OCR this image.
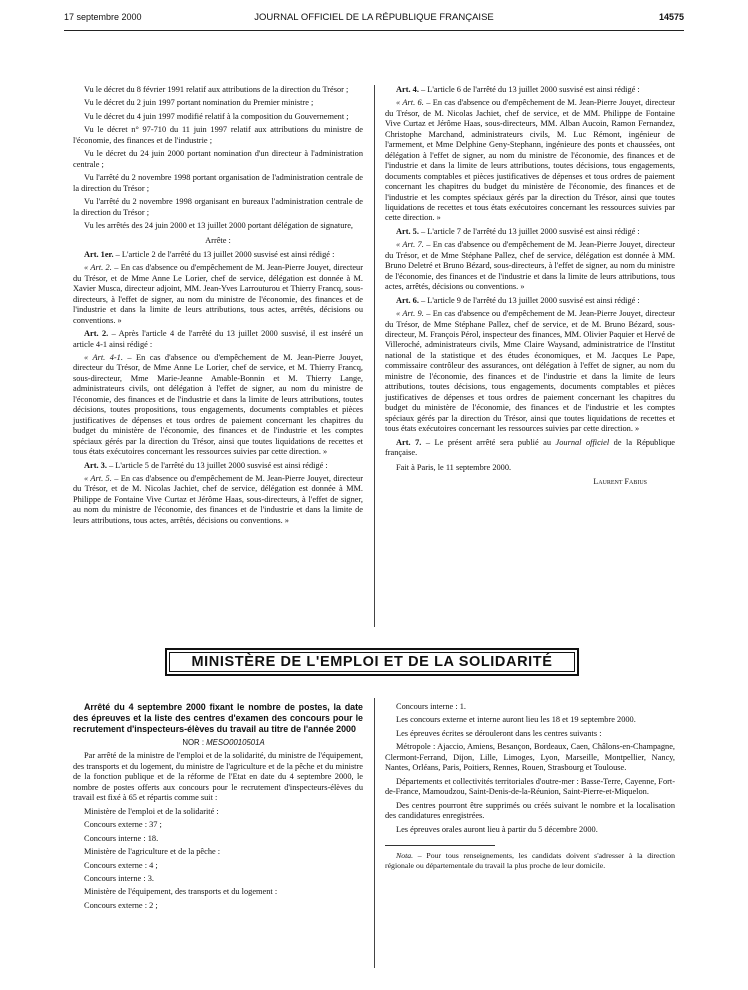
17 septembre 2000	JOURNAL OFFICIEL DE LA RÉPUBLIQUE FRANÇAISE	14575

Vu le décret du 8 février 1991 relatif aux attributions de la direction du Trésor ;

Vu le décret du 2 juin 1997 portant nomination du Premier ministre ;

Vu le décret du 4 juin 1997 modifié relatif à la composition du Gouvernement ;

Vu le décret n° 97-710 du 11 juin 1997 relatif aux attributions du ministre de l'économie, des finances et de l'industrie ;

Vu le décret du 24 juin 2000 portant nomination d'un directeur à l'administration centrale ;

Vu l'arrêté du 2 novembre 1998 portant organisation de l'administration centrale de la direction du Trésor ;

Vu l'arrêté du 2 novembre 1998 organisant en bureaux l'administration centrale de la direction du Trésor ;

Vu les arrêtés des 24 juin 2000 et 13 juillet 2000 portant délégation de signature,

Arrête :

Art. 1er. – L'article 2 de l'arrêté du 13 juillet 2000 susvisé est ainsi rédigé :

« Art. 2. – En cas d'absence ou d'empêchement de M. Jean-Pierre Jouyet, directeur du Trésor, et de Mme Anne Le Lorier, chef de service, délégation est donnée à M. Xavier Musca, directeur adjoint, MM. Jean-Yves Larrouturou et Thierry Francq, sous-directeurs, à l'effet de signer, au nom du ministre de l'économie, des finances et de l'industrie et dans la limite de leurs attributions, tous actes, arrêtés, décisions ou conventions. »

Art. 2. – Après l'article 4 de l'arrêté du 13 juillet 2000 susvisé, il est inséré un article 4-1 ainsi rédigé :

« Art. 4-1. – En cas d'absence ou d'empêchement de M. Jean-Pierre Jouyet, directeur du Trésor, de Mme Anne Le Lorier, chef de service, et M. Thierry Francq, sous-directeur, Mme Marie-Jeanne Amable-Bonnin et M. Thierry Lange, administrateurs civils, ont délégation à l'effet de signer, au nom du ministre de l'économie, des finances et de l'industrie et dans la limite de leurs attributions, toutes décisions, toutes propositions, tous engagements, documents comptables et pièces justificatives de dépenses et tous ordres de paiement concernant les chapitres du budget du ministère de l'économie, des finances et de l'industrie et les comptes spéciaux gérés par la direction du Trésor, ainsi que toutes liquidations de recettes et tous états exécutoires concernant les ressources suivies par cette direction. »

Art. 3. – L'article 5 de l'arrêté du 13 juillet 2000 susvisé est ainsi rédigé :

« Art. 5. – En cas d'absence ou d'empêchement de M. Jean-Pierre Jouyet, directeur du Trésor, et de M. Nicolas Jachiet, chef de service, délégation est donnée à MM. Philippe de Fontaine Vive Curtaz et Jérôme Haas, sous-directeurs, à l'effet de signer, au nom du ministre de l'économie, des finances et de l'industrie et dans la limite de leurs attributions, tous actes, arrêtés, décisions ou conventions. »

Art. 4. – L'article 6 de l'arrêté du 13 juillet 2000 susvisé est ainsi rédigé :

« Art. 6. – En cas d'absence ou d'empêchement de M. Jean-Pierre Jouyet, directeur du Trésor, de M. Nicolas Jachiet, chef de service, et de MM. Philippe de Fontaine Vive Curtaz et Jérôme Haas, sous-directeurs, MM. Alban Aucoin, Ramon Fernandez, Christophe Marchand, administrateurs civils, M. Luc Rémont, ingénieur de l'armement, et Mme Delphine Geny-Stephann, ingénieure des ponts et chaussées, ont délégation à l'effet de signer, au nom du ministre de l'économie, des finances et de l'industrie et dans la limite de leurs attributions, toutes décisions, tous engagements, documents comptables et pièces justificatives de dépenses et tous ordres de paiement concernant les chapitres du budget du ministère de l'économie, des finances et de l'industrie et les comptes spéciaux gérés par la direction du Trésor, ainsi que toutes liquidations de recettes et tous états exécutoires concernant les ressources suivies par cette direction. »

Art. 5. – L'article 7 de l'arrêté du 13 juillet 2000 susvisé est ainsi rédigé :

« Art. 7. – En cas d'absence ou d'empêchement de M. Jean-Pierre Jouyet, directeur du Trésor, et de Mme Stéphane Pallez, chef de service, délégation est donnée à MM. Bruno Deletré et Bruno Bézard, sous-directeurs, à l'effet de signer, au nom du ministre de l'économie, des finances et de l'industrie et dans la limite de leurs attributions, tous actes, arrêtés, décisions ou conventions. »

Art. 6. – L'article 9 de l'arrêté du 13 juillet 2000 susvisé est ainsi rédigé :

« Art. 9. – En cas d'absence ou d'empêchement de M. Jean-Pierre Jouyet, directeur du Trésor, de Mme Stéphane Pallez, chef de service, et de M. Bruno Bézard, sous-directeur, M. François Pérol, inspecteur des finances, MM. Olivier Paquier et Hervé de Villeroché, administrateurs civils, Mme Claire Waysand, administratrice de l'Institut national de la statistique et des études économiques, et M. Jacques Le Pape, commissaire contrôleur des assurances, ont délégation à l'effet de signer, au nom du ministre de l'économie, des finances et de l'industrie et dans la limite de leurs attributions, toutes décisions, tous engagements, documents comptables et pièces justificatives de dépenses et tous ordres de paiement concernant les chapitres du budget du ministère de l'économie, des finances et de l'industrie et les comptes spéciaux gérés par la direction du Trésor, ainsi que toutes liquidations de recettes et tous états exécutoires concernant les ressources suivies par cette direction. »

Art. 7. – Le présent arrêté sera publié au Journal officiel de la République française.

Fait à Paris, le 11 septembre 2000.

Laurent Fabius

MINISTÈRE DE L'EMPLOI ET DE LA SOLIDARITÉ

Arrêté du 4 septembre 2000 fixant le nombre de postes, la date des épreuves et la liste des centres d'examen des concours pour le recrutement d'inspecteurs-élèves du travail au titre de l'année 2000

NOR : MESO0010501A

Par arrêté de la ministre de l'emploi et de la solidarité, du ministre de l'équipement, des transports et du logement, du ministre de l'agriculture et de la pêche et du ministre de la fonction publique et de la réforme de l'Etat en date du 4 septembre 2000, le nombre de postes offerts aux concours pour le recrutement d'inspecteurs-élèves du travail est fixé à 65 et répartis comme suit :

Ministère de l'emploi et de la solidarité :

Concours externe : 37 ;

Concours interne : 18.

Ministère de l'agriculture et de la pêche :

Concours externe : 4 ;

Concours interne : 3.

Ministère de l'équipement, des transports et du logement :

Concours externe : 2 ;

Concours interne : 1.

Les concours externe et interne auront lieu les 18 et 19 septembre 2000.

Les épreuves écrites se dérouleront dans les centres suivants :

Métropole : Ajaccio, Amiens, Besançon, Bordeaux, Caen, Châlons-en-Champagne, Clermont-Ferrand, Dijon, Lille, Limoges, Lyon, Marseille, Montpellier, Nancy, Nantes, Orléans, Paris, Poitiers, Rennes, Rouen, Strasbourg et Toulouse.

Départements et collectivités territoriales d'outre-mer : Basse-Terre, Cayenne, Fort-de-France, Mamoudzou, Saint-Denis-de-la-Réunion, Saint-Pierre-et-Miquelon.

Des centres pourront être supprimés ou créés suivant le nombre et la localisation des candidatures enregistrées.

Les épreuves orales auront lieu à partir du 5 décembre 2000.

Nota. – Pour tous renseignements, les candidats doivent s'adresser à la direction régionale ou départementale du travail la plus proche de leur domicile.
